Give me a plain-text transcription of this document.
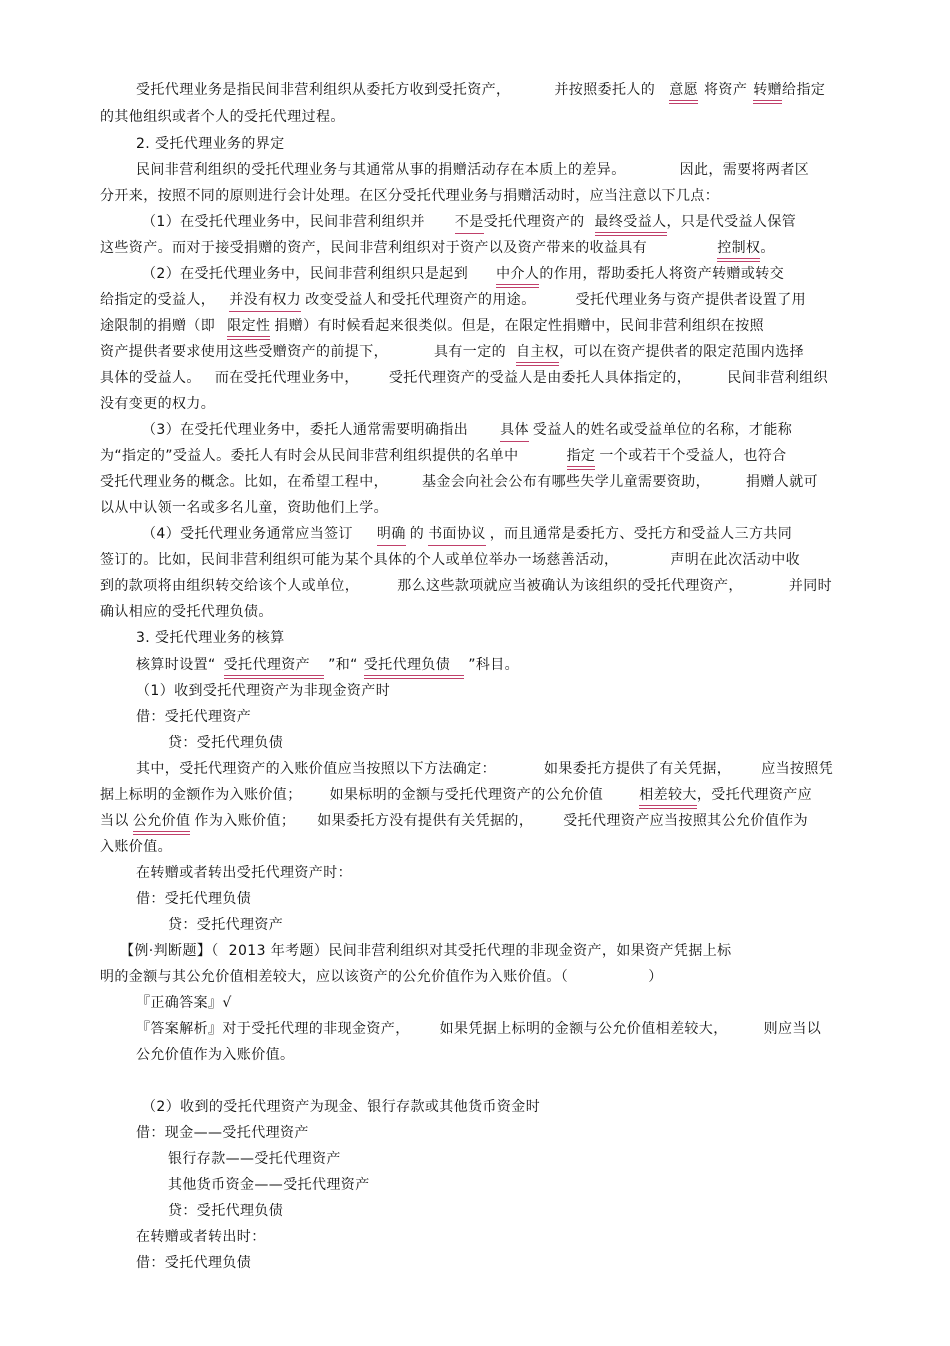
受托代理业务是指民间非营利组织从委托方收到受托资产，	并按照委托人的 意愿 将资产 转赠给指定
的其他组织或者个人的受托代理过程。
2. 受托代理业务的界定
民间非营利组织的受托代理业务与其通常从事的捐赠活动存在本质上的差异。	因此，需要将两者区
分开来，按照不同的原则进行会计处理。在区分受托代理业务与捐赠活动时，应当注意以下几点：
（1）在受托代理业务中，民间非营利组织并 不是受托代理资产的 最终受益人，只是代受益人保管
这些资产。而对于接受捐赠的资产，民间非营利组织对于资产以及资产带来的收益具有	控制权。
（2）在受托代理业务中，民间非营利组织只是起到 中介人的作用，帮助委托人将资产转赠或转交
给指定的受益人， 并没有权力 改变受益人和受托代理资产的用途。	受托代理业务与资产提供者设置了用
途限制的捐赠（即 限定性 捐赠）有时候看起来很类似。但是，在限定性捐赠中，民间非营利组织在按照
资产提供者要求使用这些受赠资产的前提下，	具有一定的 自主权，可以在资产提供者的限定范围内选择
具体的受益人。 而在受托代理业务中， 受托代理资产的受益人是由委托人具体指定的，	民间非营利组织
没有变更的权力。
（3）在受托代理业务中，委托人通常需要明确指出 具体 受益人的姓名或受益单位的名称，才能称
为“指定的”受益人。委托人有时会从民间非营利组织提供的名单中	指定 一个或若干个受益人，也符合
受托代理业务的概念。比如，在希望工程中， 基金会向社会公布有哪些失学儿童需要资助，	捐赠人就可
以从中认领一名或多名儿童，资助他们上学。
（4）受托代理业务通常应当签订 明确 的 书面协议 ，而且通常是委托方、受托方和受益人三方共同
签订的。比如，民间非营利组织可能为某个具体的个人或单位举办一场慈善活动，	声明在此次活动中收
到的款项将由组织转交给该个人或单位，	那么这些款项就应当被确认为该组织的受托代理资产，	并同时
确认相应的受托代理负债。
3. 受托代理业务的核算
核算时设置“ 受托代理资产 ”和“ 受托代理负债 ”科目。
（1）收到受托代理资产为非现金资产时
借：受托代理资产
贷：受托代理负债
其中，受托代理资产的入账价值应当按照以下方法确定：	如果委托方提供了有关凭据， 应当按照凭
据上标明的金额作为入账价值； 如果标明的金额与受托代理资产的公允价值	相差较大，受托代理资产应
当以 公允价值 作为入账价值； 如果委托方没有提供有关凭据的， 受托代理资产应当按照其公允价值作为
入账价值。
在转赠或者转出受托代理资产时：
借：受托代理负债
贷：受托代理资产
【例·判断题】（ 2013 年考题）民间非营利组织对其受托代理的非现金资产，如果资产凭据上标
明的金额与其公允价值相差较大，应以该资产的公允价值作为入账价值。（	）
『正确答案』√
『答案解析』对于受托代理的非现金资产， 如果凭据上标明的金额与公允价值相差较大，	则应当以
公允价值作为入账价值。
（2）收到的受托代理资产为现金、银行存款或其他货币资金时
借：现金——受托代理资产
银行存款——受托代理资产
其他货币资金——受托代理资产
贷：受托代理负债
在转赠或者转出时：
借：受托代理负债
